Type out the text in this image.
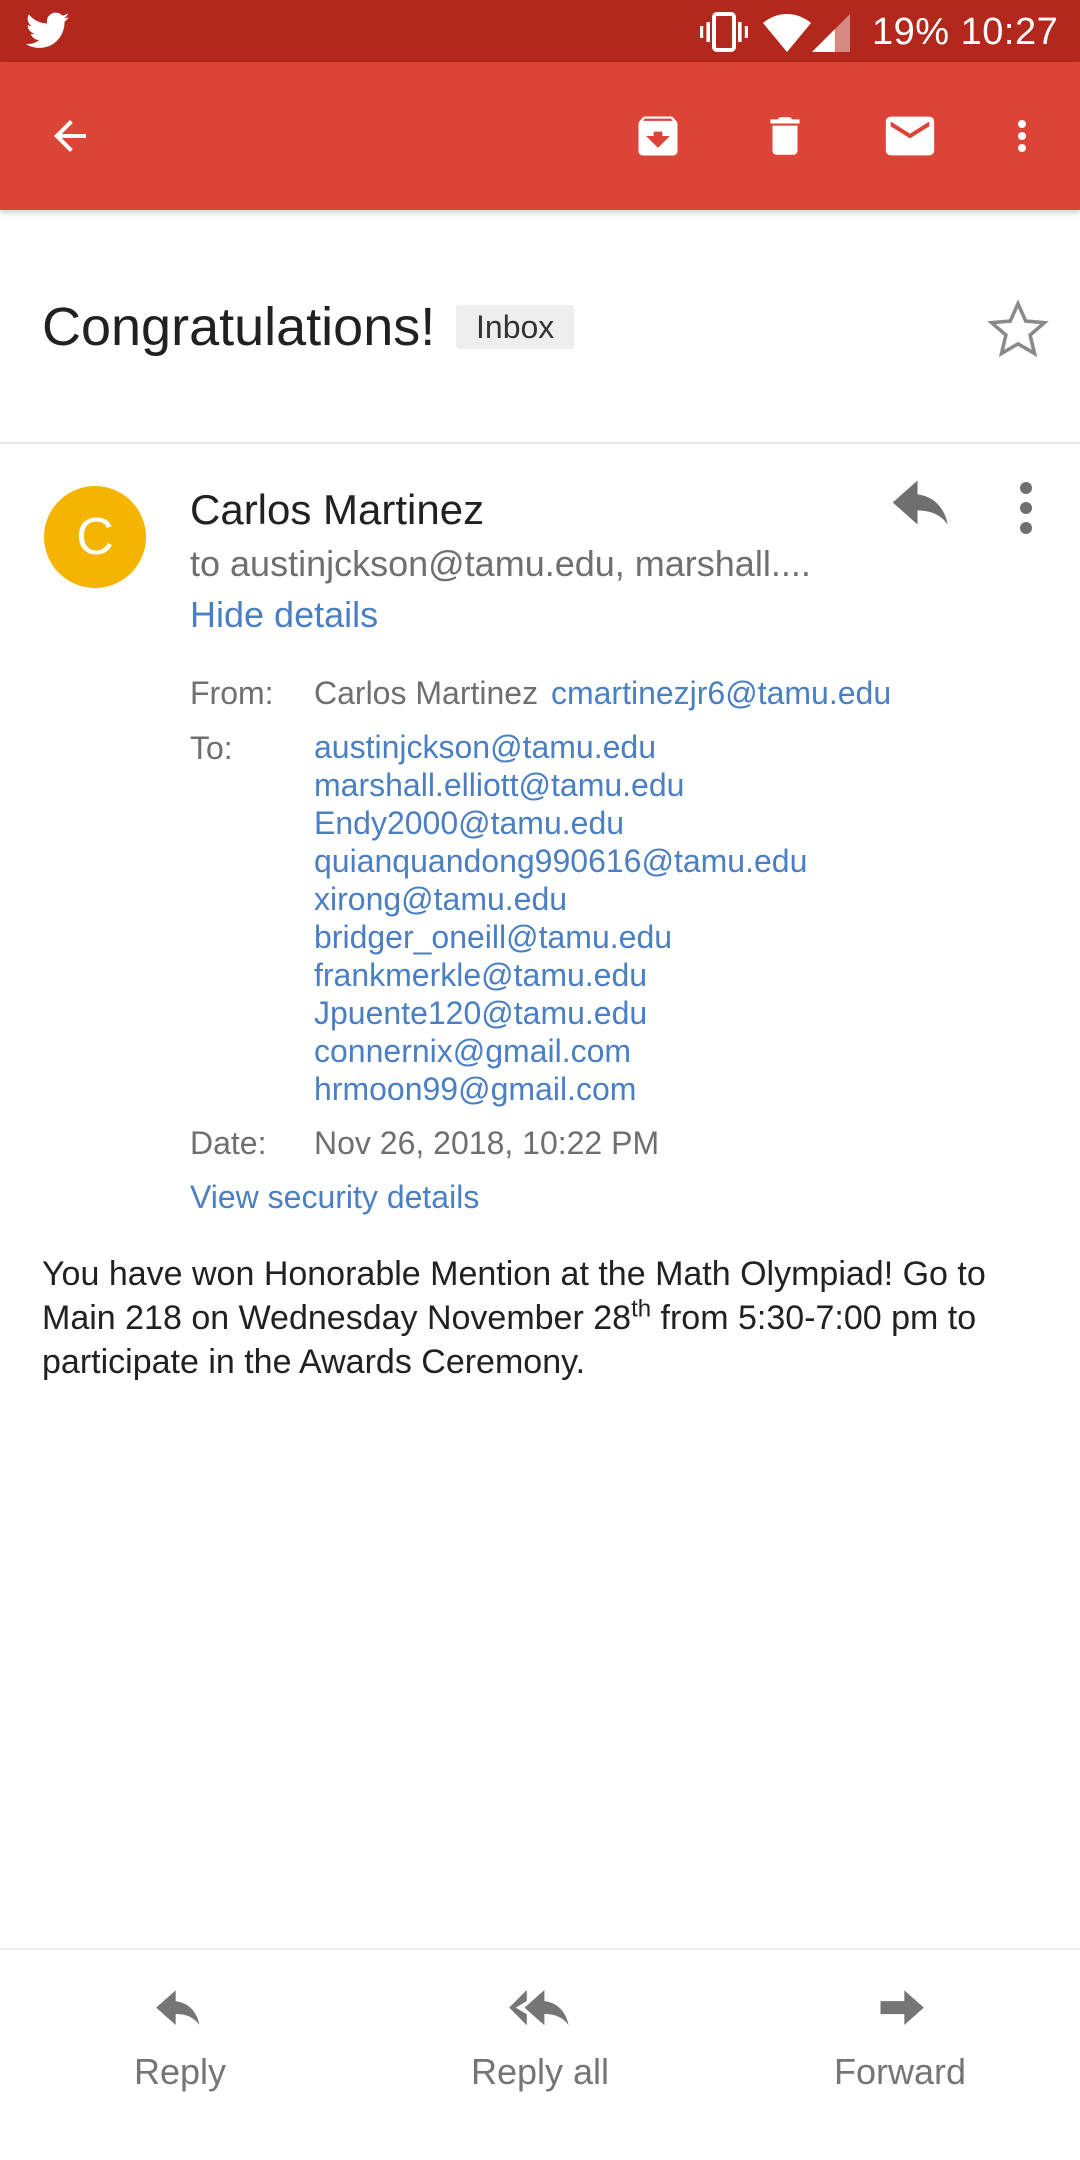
19% 10:27
Congratulations!	Inbox
C	Carlos Martinez
to austinjckson@tamu.edu, marshall....
Hide details
From: Carlos Martinez cmartinezjr6@tamu.edu
To:	austinjckson@tamu.edu
marshall.elliott@tamu.edu
Endy2000@tamu.edu
quianquandong990616@tamu.edu
xirong@tamu.edu
bridger_oneill@tamu.edu
frankmerkle@tamu.edu
Jpuente120@tamu.edu
connernix@gmail.com
hrmoon99@gmail.com
Date: Nov 26, 2018, 10:22 PM
View security details
You have won Honorable Mention at the Math Olympiad! Go to Main 218 on Wednesday November 28th from 5:30-7:00 pm to participate in the Awards Ceremony.
Reply	Reply all	Forward
